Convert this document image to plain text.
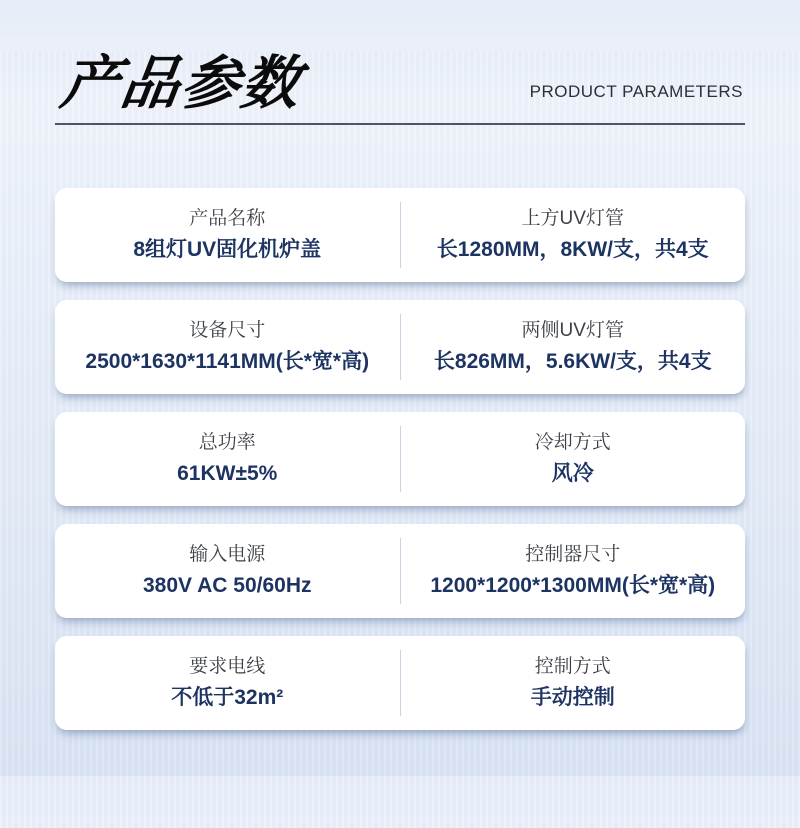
产品参数	PRODUCT PARAMETERS
产品名称
8组灯UV固化机炉盖
上方UV灯管
长1280MM，8KW/支，共4支
设备尺寸
2500*1630*1141MM(长*宽*高)
两侧UV灯管
长826MM，5.6KW/支，共4支
总功率
61KW±5%
冷却方式
风冷
输入电源
380V AC 50/60Hz
控制器尺寸
1200*1200*1300MM(长*宽*高)
要求电线
不低于32m²
控制方式
手动控制
